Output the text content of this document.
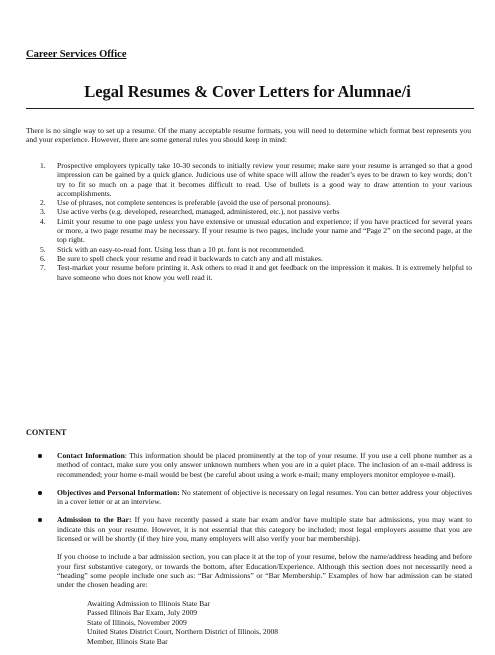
Career Services Office
Legal Resumes & Cover Letters for Alumnae/i
There is no single way to set up a resume. Of the many acceptable resume formats, you will need to determine which format best represents you and your experience. However, there are some general rules you should keep in mind:
1. Prospective employers typically take 10-30 seconds to initially review your resume; make sure your resume is arranged so that a good impression can be gained by a quick glance. Judicious use of white space will allow the reader’s eyes to be drawn to key words; don’t try to fit so much on a page that it becomes difficult to read. Use of bullets is a good way to draw attention to your various accomplishments.
2. Use of phrases, not complete sentences is preferable (avoid the use of personal pronouns).
3. Use active verbs (e.g. developed, researched, managed, administered, etc.), not passive verbs
4. Limit your resume to one page unless you have extensive or unusual education and experience; if you have practiced for several years or more, a two page resume may be necessary. If your resume is two pages, include your name and “Page 2” on the second page, at the top right.
5. Stick with an easy-to-read font. Using less than a 10 pt. font is not recommended.
6. Be sure to spell check your resume and read it backwards to catch any and all mistakes.
7. Test-market your resume before printing it. Ask others to read it and get feedback on the impression it makes. It is extremely helpful to have someone who does not know you well read it.
CONTENT
Contact Information: This information should be placed prominently at the top of your resume. If you use a cell phone number as a method of contact, make sure you only answer unknown numbers when you are in a quiet place. The inclusion of an e-mail address is recommended; your home e-mail would be best (be careful about using a work e-mail; many employers monitor employee e-mail).
Objectives and Personal Information: No statement of objective is necessary on legal resumes. You can better address your objectives in a cover letter or at an interview.
Admission to the Bar: If you have recently passed a state bar exam and/or have multiple state bar admissions, you may want to indicate this on your resume. However, it is not essential that this category be included; most legal employers assume that you are licensed or will be shortly (if they hire you, many employers will also verify your bar membership).
If you choose to include a bar admission section, you can place it at the top of your resume, below the name/address heading and before your first substantive category, or towards the bottom, after Education/Experience. Although this section does not necessarily need a “heading” some people include one such as: “Bar Admissions” or “Bar Membership.” Examples of how bar admission can be stated under the chosen heading are:
Awaiting Admission to Illinois State Bar
Passed Illinois Bar Exam, July 2009
State of Illinois, November 2009
United States District Court, Northern District of Illinois, 2008
Member, Illinois State Bar
